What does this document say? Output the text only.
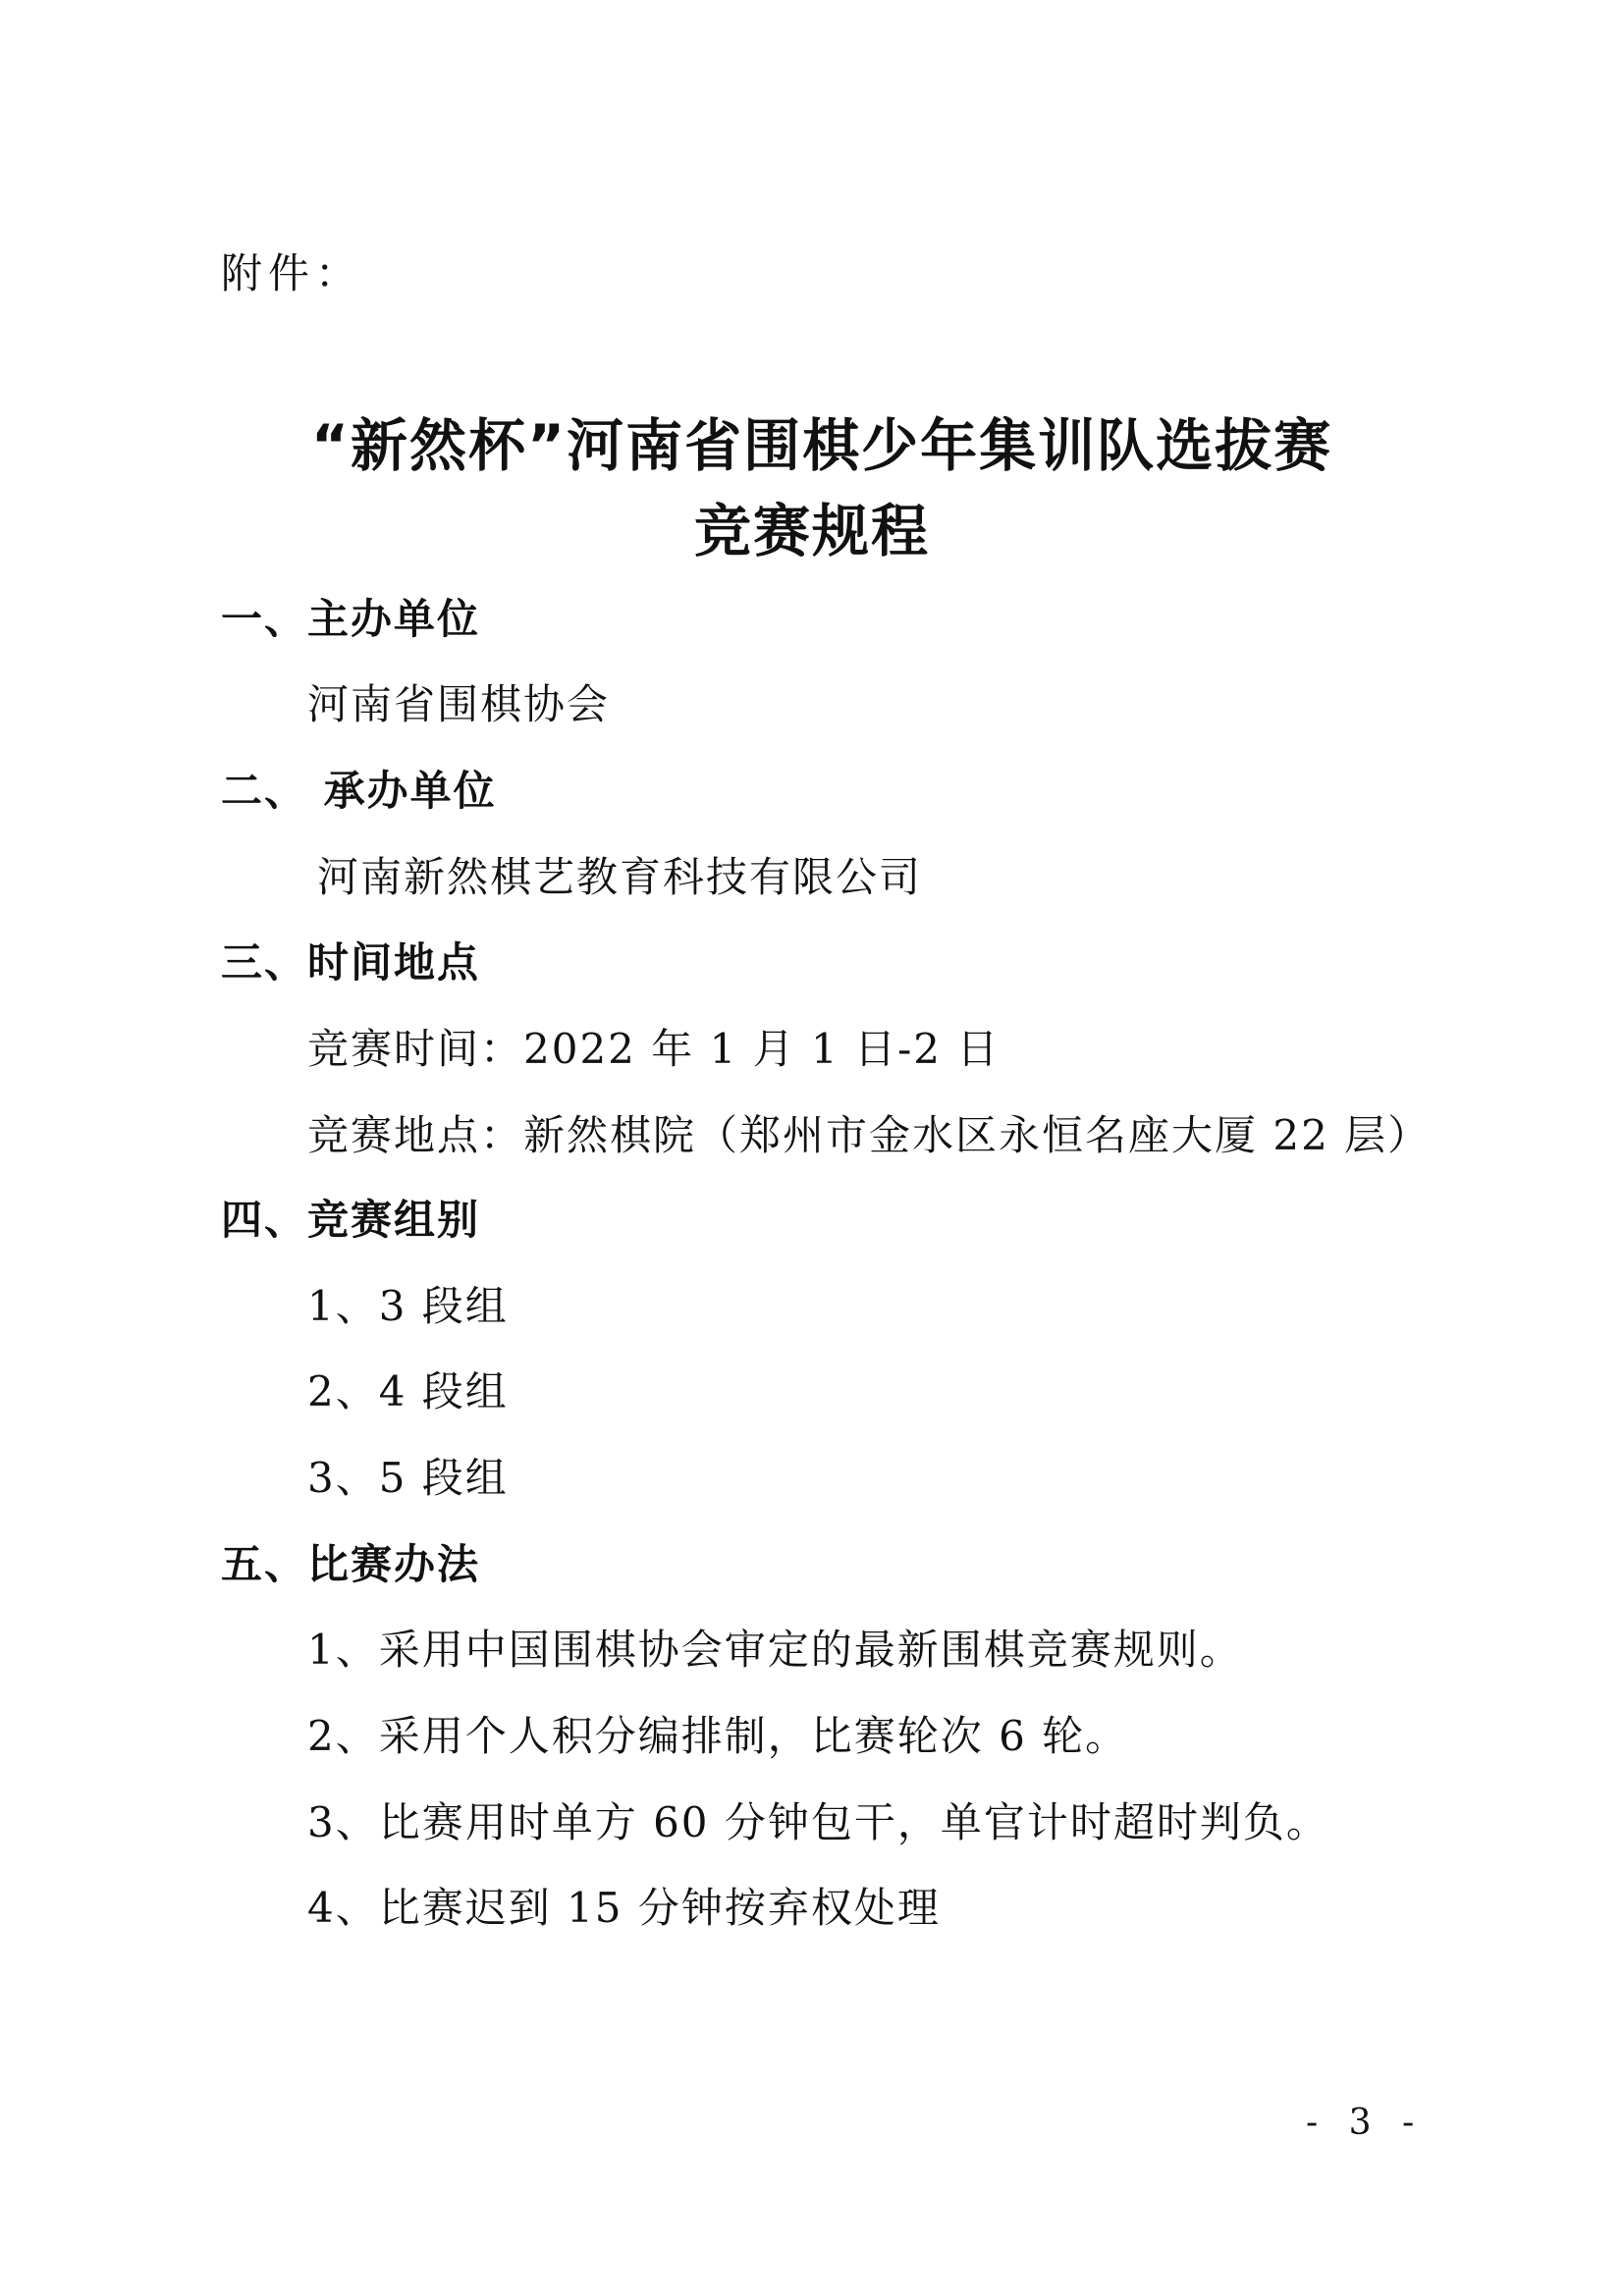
附件：
“新然杯”河南省围棋少年集训队选拔赛
竞赛规程
一、主办单位
河南省围棋协会
二、 承办单位
河南新然棋艺教育科技有限公司
三、时间地点
竞赛时间：2022 年 1 月 1 日-2 日
竞赛地点：新然棋院（郑州市金水区永恒名座大厦 22 层）
四、竞赛组别
1、3 段组
2、4 段组
3、5 段组
五、比赛办法
1、采用中国围棋协会审定的最新围棋竞赛规则。
2、采用个人积分编排制，比赛轮次 6 轮。
3、比赛用时单方 60 分钟包干，单官计时超时判负。
4、比赛迟到 15 分钟按弃权处理
- 3 -
